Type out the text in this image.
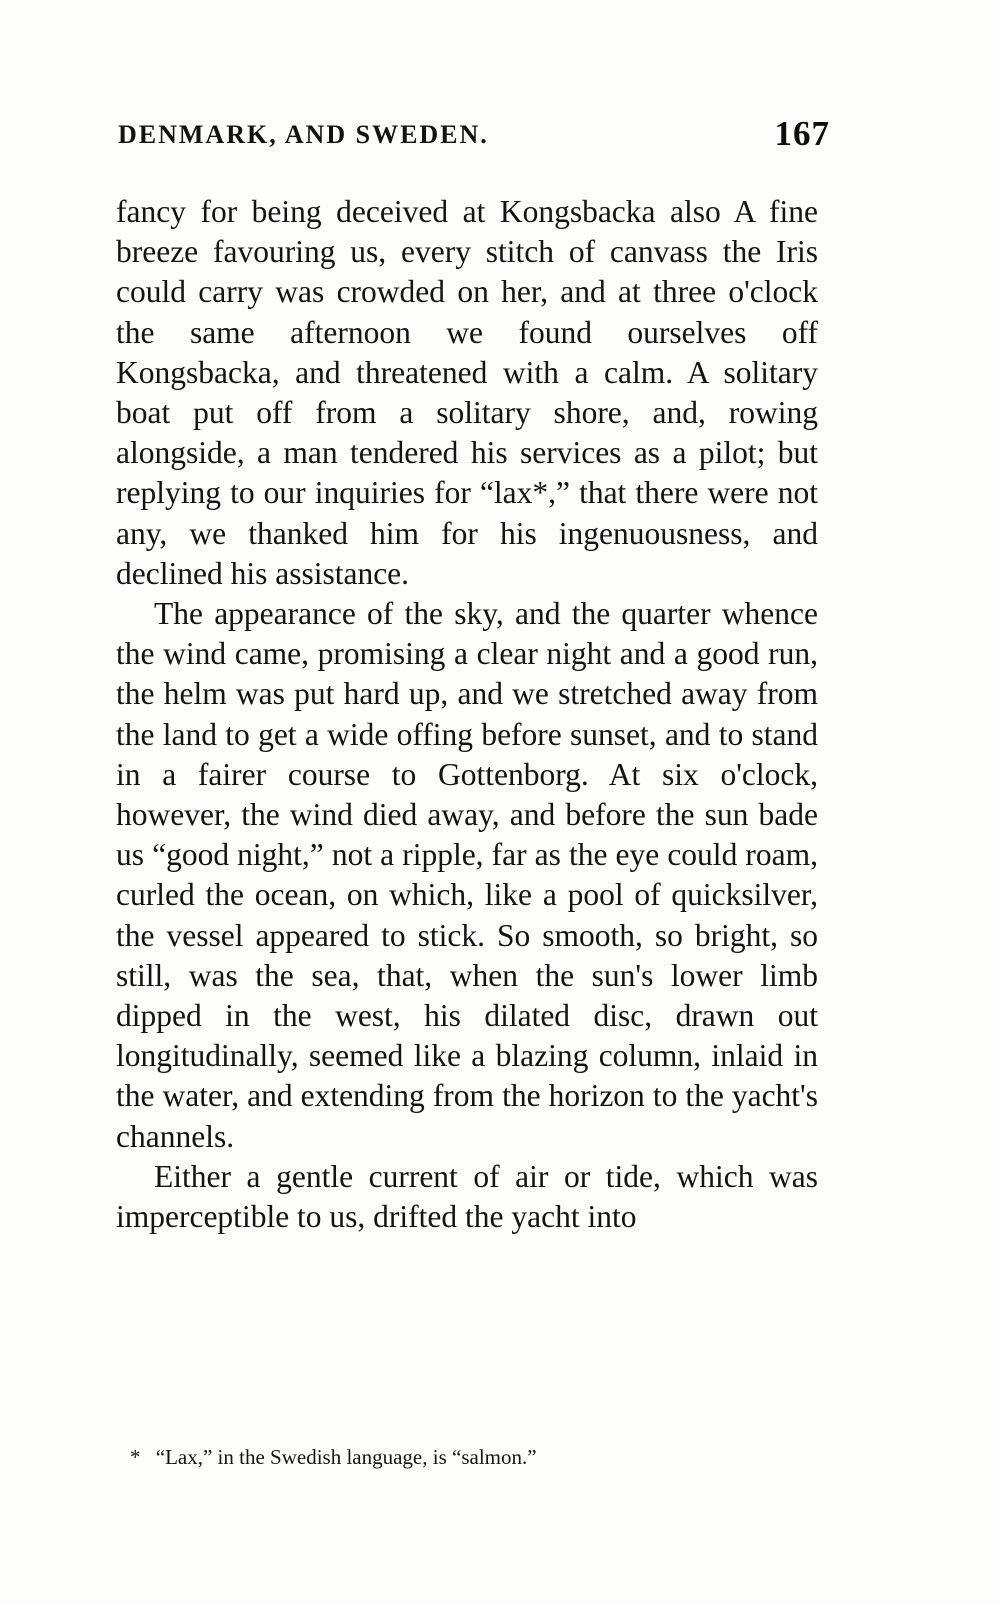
DENMARK, AND SWEDEN.	167

fancy for being deceived at Kongsbacka also A fine breeze favouring us, every stitch of canvass the Iris could carry was crowded on her, and at three o'clock the same afternoon we found ourselves off Kongsbacka, and threatened with a calm. A solitary boat put off from a solitary shore, and, rowing alongside, a man tendered his services as a pilot; but replying to our inquiries for “lax*,” that there were not any, we thanked him for his ingenuousness, and declined his assistance.

The appearance of the sky, and the quarter whence the wind came, promising a clear night and a good run, the helm was put hard up, and we stretched away from the land to get a wide offing before sunset, and to stand in a fairer course to Gottenborg. At six o'clock, however, the wind died away, and before the sun bade us “good night,” not a ripple, far as the eye could roam, curled the ocean, on which, like a pool of quicksilver, the vessel appeared to stick. So smooth, so bright, so still, was the sea, that, when the sun's lower limb dipped in the west, his dilated disc, drawn out longitudinally, seemed like a blazing column, inlaid in the water, and extending from the horizon to the yacht's channels.

Either a gentle current of air or tide, which was imperceptible to us, drifted the yacht into

* “Lax,” in the Swedish language, is “salmon.”
